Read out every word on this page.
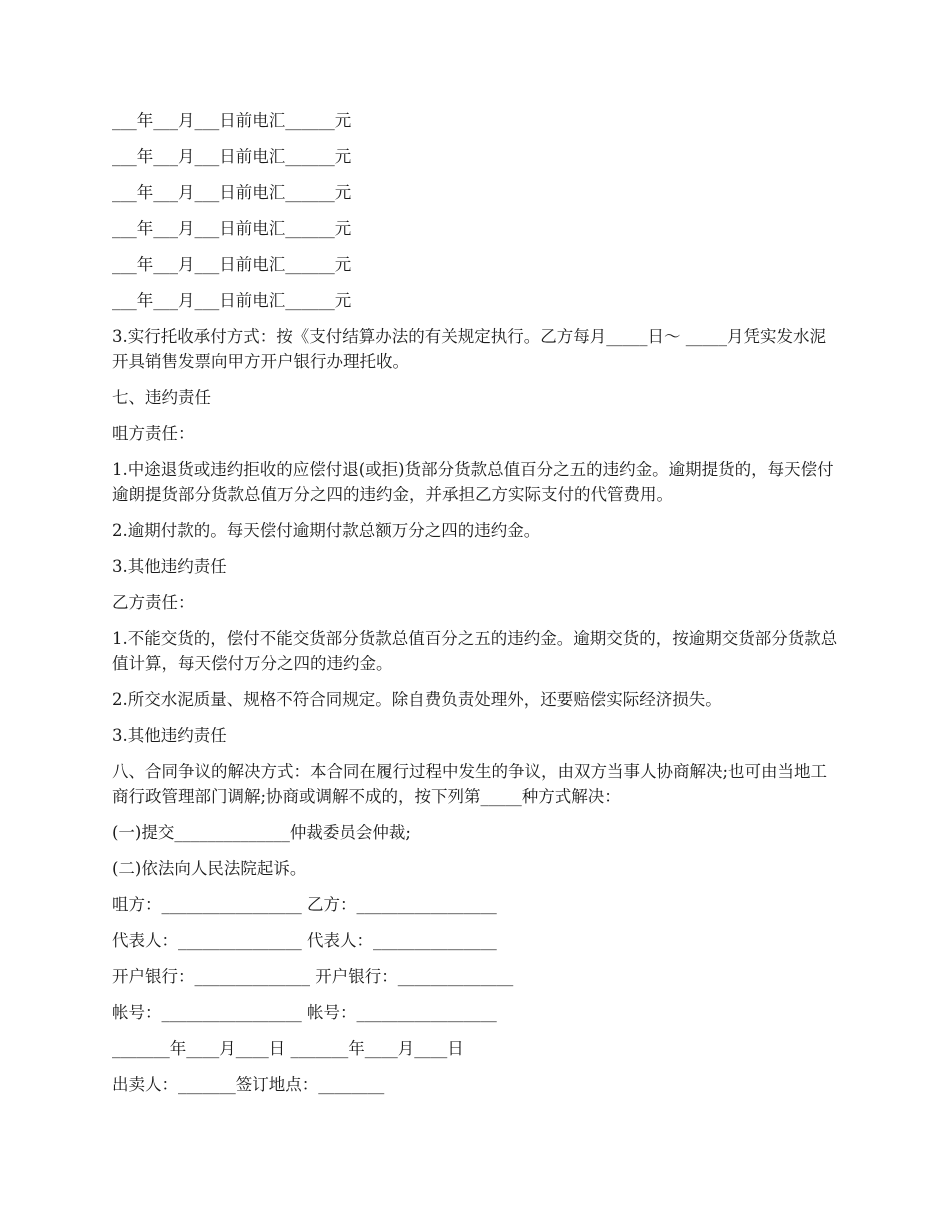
___年___月___日前电汇______元

___年___月___日前电汇______元

___年___月___日前电汇______元

___年___月___日前电汇______元

___年___月___日前电汇______元

___年___月___日前电汇______元

3.实行托收承付方式：按《支付结算办法的有关规定执行。乙方每月_____日～ _____月凭实发水泥开具销售发票向甲方开户银行办理托收。

七、违约责任

咀方责任：

1.中途退货或违约拒收的应偿付退(或拒)货部分货款总值百分之五的违约金。逾期提货的，每天偿付逾朗提货部分货款总值万分之四的违约金，并承担乙方实际支付的代管费用。

2.逾期付款的。每天偿付逾期付款总额万分之四的违约金。

3.其他违约责任

乙方责任：

1.不能交货的，偿付不能交货部分货款总值百分之五的违约金。逾期交货的，按逾期交货部分货款总值计算，每天偿付万分之四的违约金。

2.所交水泥质量、规格不符合同规定。除自费负责处理外，还要赔偿实际经济损失。

3.其他违约责任

八、合同争议的解决方式：本合同在履行过程中发生的争议，由双方当事人协商解决;也可由当地工商行政管理部门调解;协商或调解不成的，按下列第_____种方式解决：

(一)提交______________仲裁委员会仲裁;

(二)依法向人民法院起诉。

咀方：_________________ 乙方：_________________

代表人：_______________ 代表人：_______________

开户银行：______________ 开户银行：______________

帐号：_________________ 帐号：_________________

_______年____月____日 _______年____月____日

出卖人：_______签订地点：________
